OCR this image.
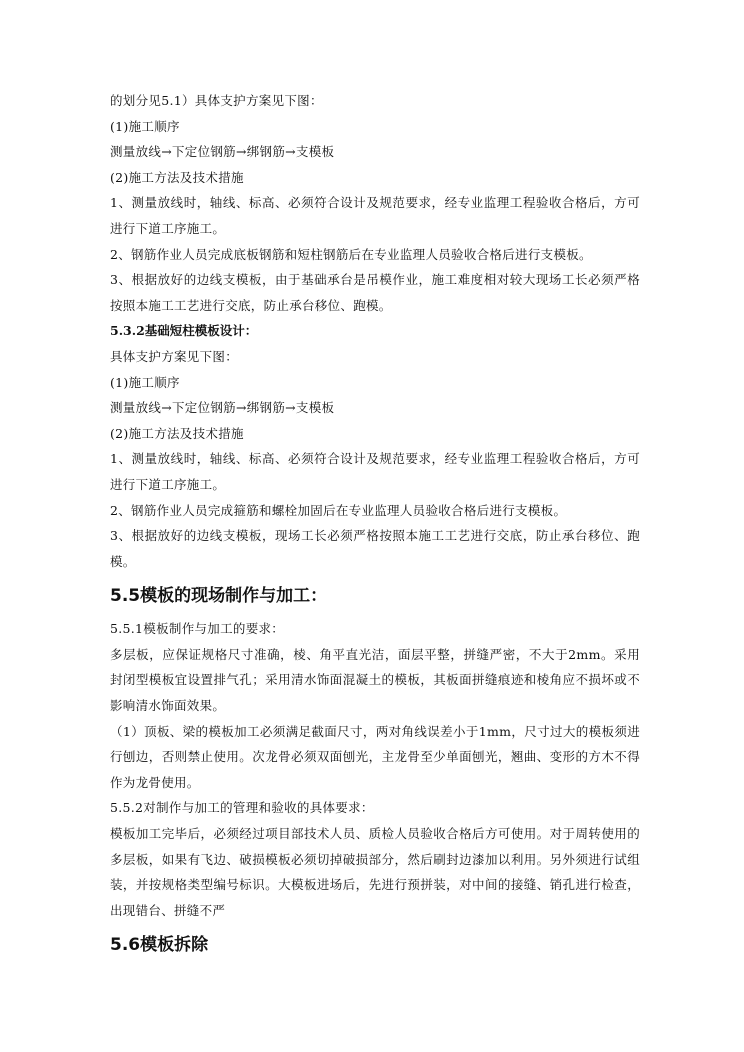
的划分见5.1）具体支护方案见下图：

(1)施工顺序

测量放线→下定位钢筋→绑钢筋→支模板

(2)施工方法及技术措施

1、测量放线时，轴线、标高、必须符合设计及规范要求，经专业监理工程验收合格后，方可进行下道工序施工。

2、钢筋作业人员完成底板钢筋和短柱钢筋后在专业监理人员验收合格后进行支模板。

3、根据放好的边线支模板，由于基础承台是吊模作业，施工难度相对较大现场工长必须严格按照本施工工艺进行交底，防止承台移位、跑模。

5.3.2基础短柱模板设计：

具体支护方案见下图：

(1)施工顺序

测量放线→下定位钢筋→绑钢筋→支模板

(2)施工方法及技术措施

1、测量放线时，轴线、标高、必须符合设计及规范要求，经专业监理工程验收合格后，方可进行下道工序施工。

2、钢筋作业人员完成箍筋和螺栓加固后在专业监理人员验收合格后进行支模板。

3、根据放好的边线支模板，现场工长必须严格按照本施工工艺进行交底，防止承台移位、跑模。

5.5模板的现场制作与加工：

5.5.1模板制作与加工的要求：

多层板，应保证规格尺寸准确，棱、角平直光洁，面层平整，拼缝严密，不大于2mm。采用封闭型模板宜设置排气孔；采用清水饰面混凝土的模板，其板面拼缝痕迹和棱角应不损坏或不影响清水饰面效果。

（1）顶板、梁的模板加工必须满足截面尺寸，两对角线误差小于1mm，尺寸过大的模板须进行刨边，否则禁止使用。次龙骨必须双面刨光，主龙骨至少单面刨光，翘曲、变形的方木不得作为龙骨使用。

5.5.2对制作与加工的管理和验收的具体要求：

模板加工完毕后，必须经过项目部技术人员、质检人员验收合格后方可使用。对于周转使用的多层板，如果有飞边、破损模板必须切掉破损部分，然后刷封边漆加以利用。另外须进行试组装，并按规格类型编号标识。大模板进场后，先进行预拼装，对中间的接缝、销孔进行检查，出现错台、拼缝不严

5.6模板拆除
